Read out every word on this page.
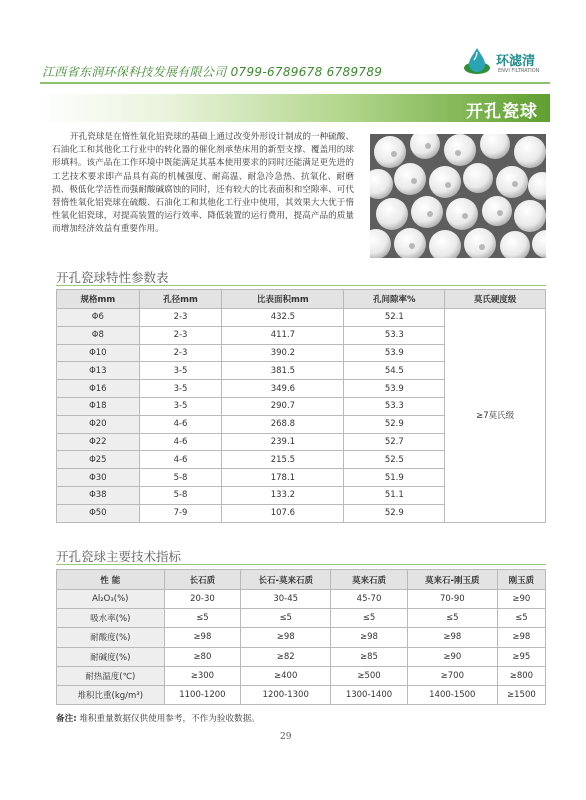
江西省东润环保科技发展有限公司 0799-6789678 6789789
环滤清
ENVI FILTRATION
开孔瓷球
开孔瓷球是在惰性氧化铝瓷球的基础上通过改变外形设计制成的一种硫酸、石油化工和其他化工行业中的转化器的催化剂承垫床用的新型支撑、覆盖用的球形填料。该产品在工作环境中既能满足其基本使用要求的同时还能满足更先进的工艺技术要求即产品具有高的机械强度、耐高温、耐急冷急热、抗氧化、耐磨损、极低化学活性而强耐酸碱腐蚀的同时，还有较大的比表面积和空隙率、可代替惰性氧化铝瓷球在硫酸、石油化工和其他化工行业中使用，其效果大大优于惰性氧化铝瓷球，对提高装置的运行效率、降低装置的运行费用，提高产品的质量而增加经济效益有重要作用。
开孔瓷球特性参数表
规格mm	孔径mm	比表面积mm	孔间隙率%	莫氏硬度级
Φ6	2-3	432.5	52.1	≥7莫氏级
Φ8	2-3	411.7	53.3	
Φ10	2-3	390.2	53.9	
Φ13	3-5	381.5	54.5	
Φ16	3-5	349.6	53.9	
Φ18	3-5	290.7	53.3	
Φ20	4-6	268.8	52.9	
Φ22	4-6	239.1	52.7	
Φ25	4-6	215.5	52.5	
Φ30	5-8	178.1	51.9	
Φ38	5-8	133.2	51.1	
Φ50	7-9	107.6	52.9	
开孔瓷球主要技术指标
性 能	长石质	长石-莫来石质	莫来石质	莫来石-刚玉质	刚玉质
Al₂O₃(%)	20-30	30-45	45-70	70-90	≥90
吸水率(%)	≤5	≤5	≤5	≤5	≤5
耐酸度(%)	≥98	≥98	≥98	≥98	≥98
耐碱度(%)	≥80	≥82	≥85	≥90	≥95
耐热温度(℃)	≥300	≥400	≥500	≥700	≥800
堆积比重(kg/m³)	1100-1200	1200-1300	1300-1400	1400-1500	≥1500
备注: 堆积重量数据仅供使用参考，不作为验收数据。
29
